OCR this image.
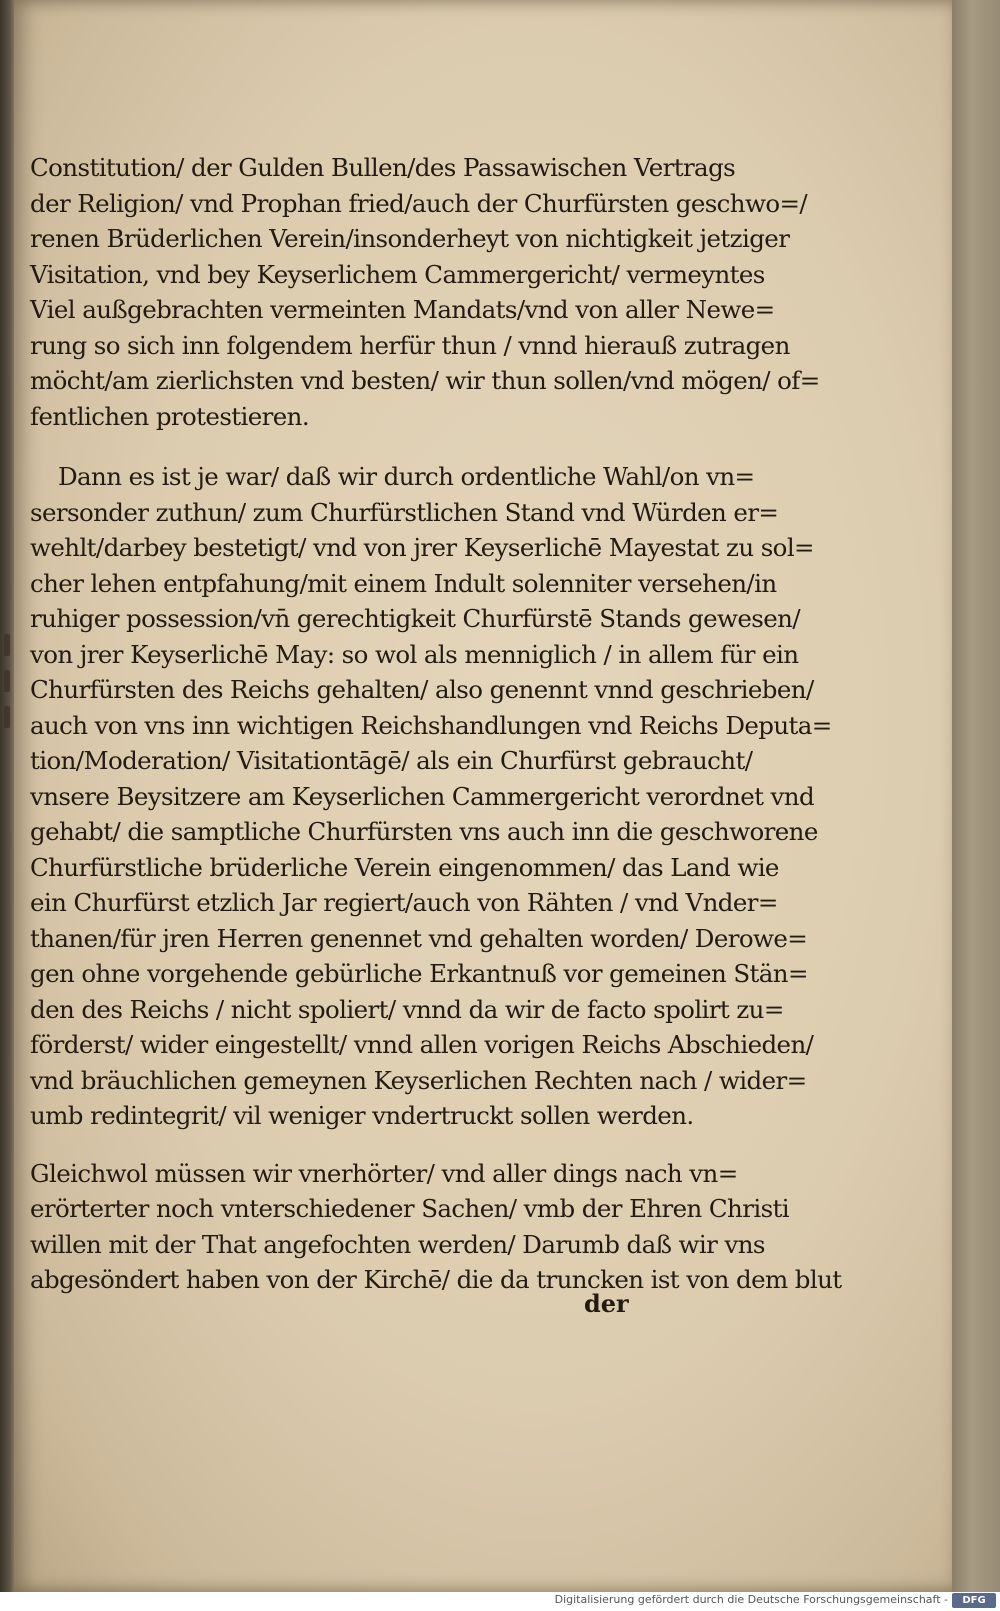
Constitution/ der Gulden Bullen/des Passawischen Vertrags
der Religion/ vnd Prophan fried/auch der Churfürsten geschwo=/
renen Brüderlichen Verein/insonderheyt von nichtigkeit jetziger
Visitation, vnd bey Keyserlichem Cammergericht/ vermeyntes
Viel außgebrachten vermeinten Mandats/vnd von aller Newe=
rung so sich inn folgendem herfür thun / vnnd hierauß zutragen
möcht/am zierlichsten vnd besten/ wir thun sollen/vnd mögen/ of=
fentlichen protestieren.

Dann es ist je war/ daß wir durch ordentliche Wahl/on vn=
sersonder zuthun/ zum Churfürstlichen Stand vnd Würden er=
wehlt/darbey bestetigt/ vnd von jrer Keyserlichē Mayestat zu sol=
cher lehen entpfahung/mit einem Indult solenniter versehen/in
ruhiger possession/vn̄ gerechtigkeit Churfürstē Stands gewesen/
von jrer Keyserlichē May: so wol als menniglich / in allem für ein
Churfürsten des Reichs gehalten/ also genennt vnnd geschrieben/
auch von vns inn wichtigen Reichshandlungen vnd Reichs Deputa=
tion/Moderation/ Visitationtāgē/ als ein Churfürst gebraucht/
vnsere Beysitzere am Keyserlichen Cammergericht verordnet vnd
gehabt/ die samptliche Churfürsten vns auch inn die geschworene
Churfürstliche brüderliche Verein eingenommen/ das Land wie
ein Churfürst etzlich Jar regiert/auch von Rähten / vnd Vnder=
thanen/für jren Herren genennet vnd gehalten worden/ Derowe=
gen ohne vorgehende gebürliche Erkantnuß vor gemeinen Stän=
den des Reichs / nicht spoliert/ vnnd da wir de facto spolirt zu=
förderst/ wider eingestellt/ vnnd allen vorigen Reichs Abschieden/
vnd bräuchlichen gemeynen Keyserlichen Rechten nach / wider=
umb redintegrit/ vil weniger vndertruckt sollen werden.

Gleichwol müssen wir vnerhörter/ vnd aller dings nach vn=
erörterter noch vnterschiedener Sachen/ vmb der Ehren Christi
willen mit der That angefochten werden/ Darumb daß wir vns
abgesöndert haben von der Kirchē/ die da truncken ist von dem blut

der
Digitalisierung gefördert durch die Deutsche Forschungsgemeinschaft -	DFG
